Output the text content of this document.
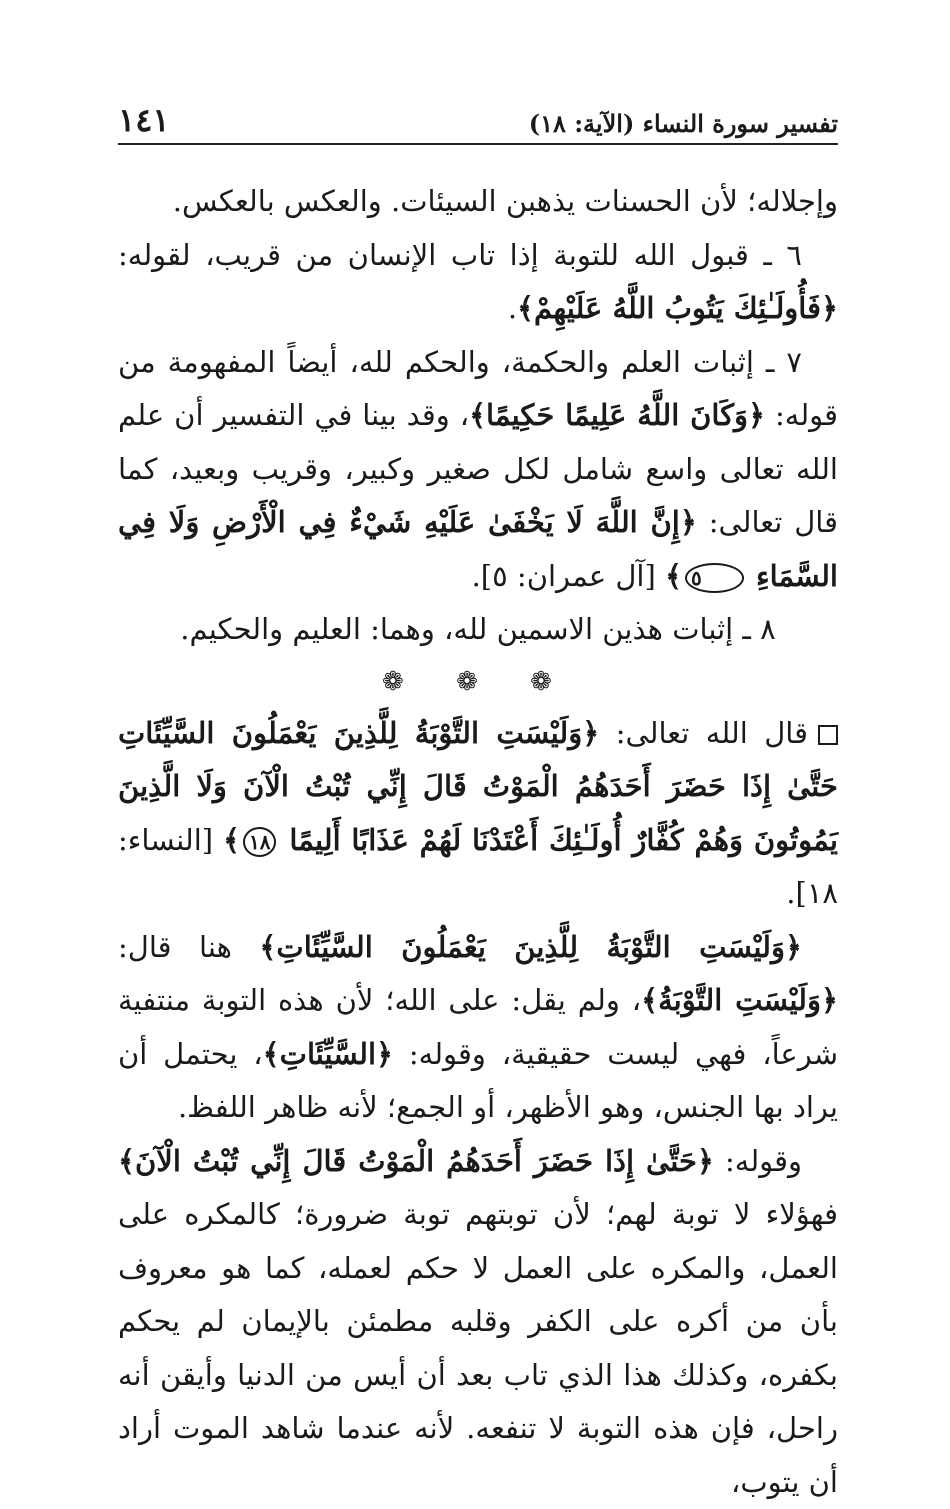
تفسير سورة النساء (الآية: ١٨)
١٤١

وإجلاله؛ لأن الحسنات يذهبن السيئات. والعكس بالعكس.

٦ ـ قبول الله للتوبة إذا تاب الإنسان من قريب، لقوله: ﴿فَأُولَـٰئِكَ يَتُوبُ اللَّهُ عَلَيْهِمْ﴾.

٧ ـ إثبات العلم والحكمة، والحكم لله، أيضاً المفهومة من قوله: ﴿وَكَانَ اللَّهُ عَلِيمًا حَكِيمًا﴾، وقد بينا في التفسير أن علم الله تعالى واسع شامل لكل صغير وكبير، وقريب وبعيد، كما قال تعالى: ﴿إِنَّ اللَّهَ لَا يَخْفَىٰ عَلَيْهِ شَيْءٌ فِي الْأَرْضِ وَلَا فِي السَّمَاءِ ٥﴾ [آل عمران: ٥].

٨ ـ إثبات هذين الاسمين لله، وهما: العليم والحكيم.

❁ ❁ ❁

قال الله تعالى: ﴿وَلَيْسَتِ التَّوْبَةُ لِلَّذِينَ يَعْمَلُونَ السَّيِّئَاتِ حَتَّىٰ إِذَا حَضَرَ أَحَدَهُمُ الْمَوْتُ قَالَ إِنِّي تُبْتُ الْآنَ وَلَا الَّذِينَ يَمُوتُونَ وَهُمْ كُفَّارٌ أُولَـٰئِكَ أَعْتَدْنَا لَهُمْ عَذَابًا أَلِيمًا ١٨﴾ [النساء: ١٨].

﴿وَلَيْسَتِ التَّوْبَةُ لِلَّذِينَ يَعْمَلُونَ السَّيِّئَاتِ﴾ هنا قال: ﴿وَلَيْسَتِ التَّوْبَةُ﴾، ولم يقل: على الله؛ لأن هذه التوبة منتفية شرعاً، فهي ليست حقيقية، وقوله: ﴿السَّيِّئَاتِ﴾، يحتمل أن يراد بها الجنس، وهو الأظهر، أو الجمع؛ لأنه ظاهر اللفظ.

وقوله: ﴿حَتَّىٰ إِذَا حَضَرَ أَحَدَهُمُ الْمَوْتُ قَالَ إِنِّي تُبْتُ الْآنَ﴾ فهؤلاء لا توبة لهم؛ لأن توبتهم توبة ضرورة؛ كالمكره على العمل، والمكره على العمل لا حكم لعمله، كما هو معروف بأن من أكره على الكفر وقلبه مطمئن بالإيمان لم يحكم بكفره، وكذلك هذا الذي تاب بعد أن أيس من الدنيا وأيقن أنه راحل، فإن هذه التوبة لا تنفعه. لأنه عندما شاهد الموت أراد أن يتوب،
